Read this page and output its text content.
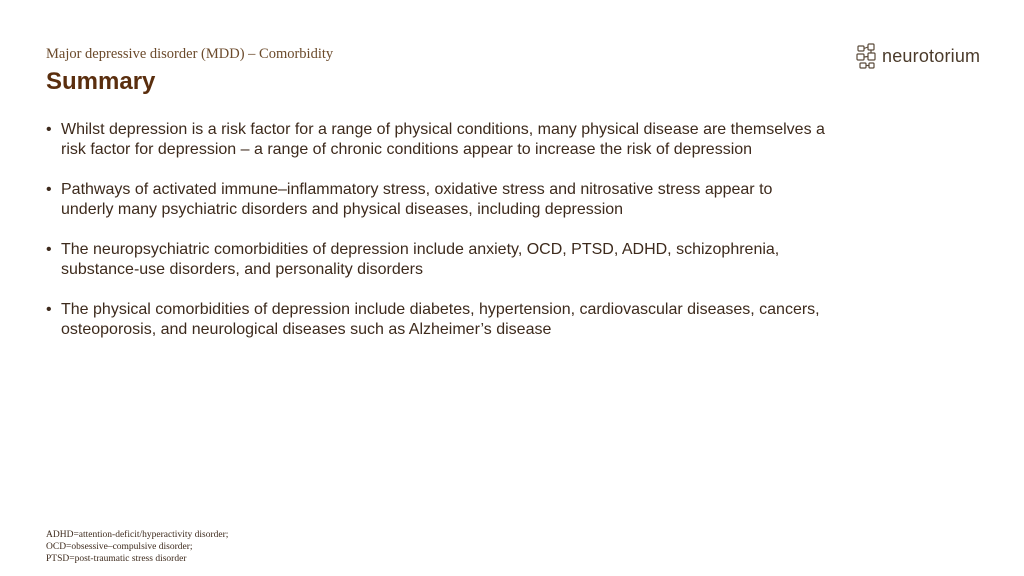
Major depressive disorder (MDD) – Comorbidity
Summary
neurotorium
• Whilst depression is a risk factor for a range of physical conditions, many physical disease are themselves a risk factor for depression – a range of chronic conditions appear to increase the risk of depression
• Pathways of activated immune–inflammatory stress, oxidative stress and nitrosative stress appear to underly many psychiatric disorders and physical diseases, including depression
• The neuropsychiatric comorbidities of depression include anxiety, OCD, PTSD, ADHD, schizophrenia, substance-use disorders, and personality disorders
• The physical comorbidities of depression include diabetes, hypertension, cardiovascular diseases, cancers, osteoporosis, and neurological diseases such as Alzheimer’s disease
ADHD=attention-deficit/hyperactivity disorder;
OCD=obsessive–compulsive disorder;
PTSD=post-traumatic stress disorder
